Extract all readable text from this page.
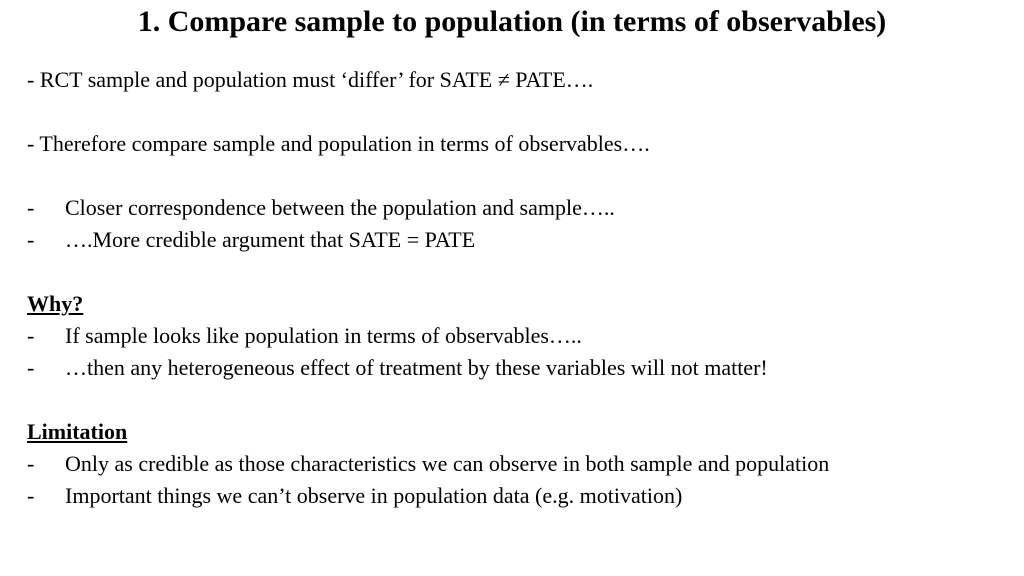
1. Compare sample to population (in terms of observables)
- RCT sample and population must ‘differ’ for SATE ≠ PATE….
- Therefore compare sample and population in terms of observables….
- Closer correspondence between the population and sample…..
- ….More credible argument that SATE = PATE
Why?
- If sample looks like population in terms of observables…..
- …then any heterogeneous effect of treatment by these variables will not matter!
Limitation
- Only as credible as those characteristics we can observe in both sample and population
- Important things we can’t observe in population data (e.g. motivation)
